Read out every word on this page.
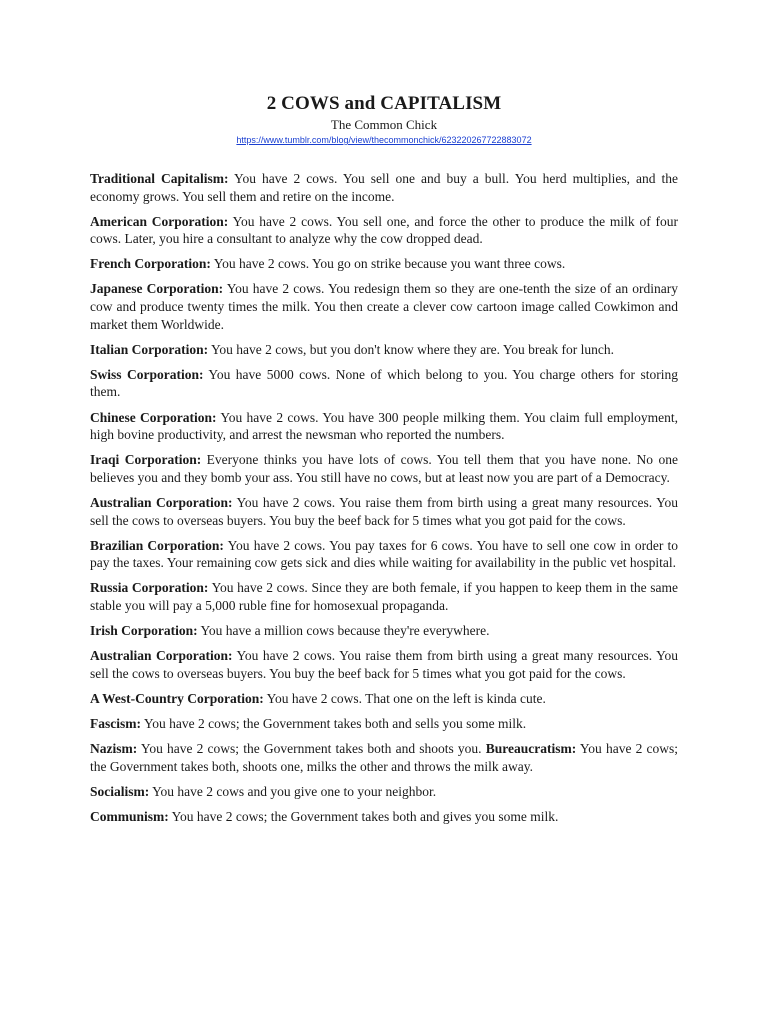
2 COWS and CAPITALISM
The Common Chick
https://www.tumblr.com/blog/view/thecommonchick/623220267722883072

Traditional Capitalism: You have 2 cows. You sell one and buy a bull. You herd multiplies, and the economy grows. You sell them and retire on the income.

American Corporation: You have 2 cows. You sell one, and force the other to produce the milk of four cows. Later, you hire a consultant to analyze why the cow dropped dead.

French Corporation: You have 2 cows. You go on strike because you want three cows.

Japanese Corporation: You have 2 cows. You redesign them so they are one-tenth the size of an ordinary cow and produce twenty times the milk. You then create a clever cow cartoon image called Cowkimon and market them Worldwide.

Italian Corporation: You have 2 cows, but you don't know where they are. You break for lunch.

Swiss Corporation: You have 5000 cows. None of which belong to you. You charge others for storing them.

Chinese Corporation: You have 2 cows. You have 300 people milking them. You claim full employment, high bovine productivity, and arrest the newsman who reported the numbers.

Iraqi Corporation: Everyone thinks you have lots of cows. You tell them that you have none. No one believes you and they bomb your ass. You still have no cows, but at least now you are part of a Democracy.

Australian Corporation: You have 2 cows. You raise them from birth using a great many resources. You sell the cows to overseas buyers. You buy the beef back for 5 times what you got paid for the cows.

Brazilian Corporation: You have 2 cows. You pay taxes for 6 cows. You have to sell one cow in order to pay the taxes. Your remaining cow gets sick and dies while waiting for availability in the public vet hospital.

Russia Corporation: You have 2 cows. Since they are both female, if you happen to keep them in the same stable you will pay a 5,000 ruble fine for homosexual propaganda.

Irish Corporation: You have a million cows because they're everywhere.

Australian Corporation: You have 2 cows. You raise them from birth using a great many resources. You sell the cows to overseas buyers. You buy the beef back for 5 times what you got paid for the cows.

A West-Country Corporation: You have 2 cows. That one on the left is kinda cute.

Fascism: You have 2 cows; the Government takes both and sells you some milk.

Nazism: You have 2 cows; the Government takes both and shoots you. Bureaucratism: You have 2 cows; the Government takes both, shoots one, milks the other and throws the milk away.

Socialism: You have 2 cows and you give one to your neighbor.

Communism: You have 2 cows; the Government takes both and gives you some milk.
